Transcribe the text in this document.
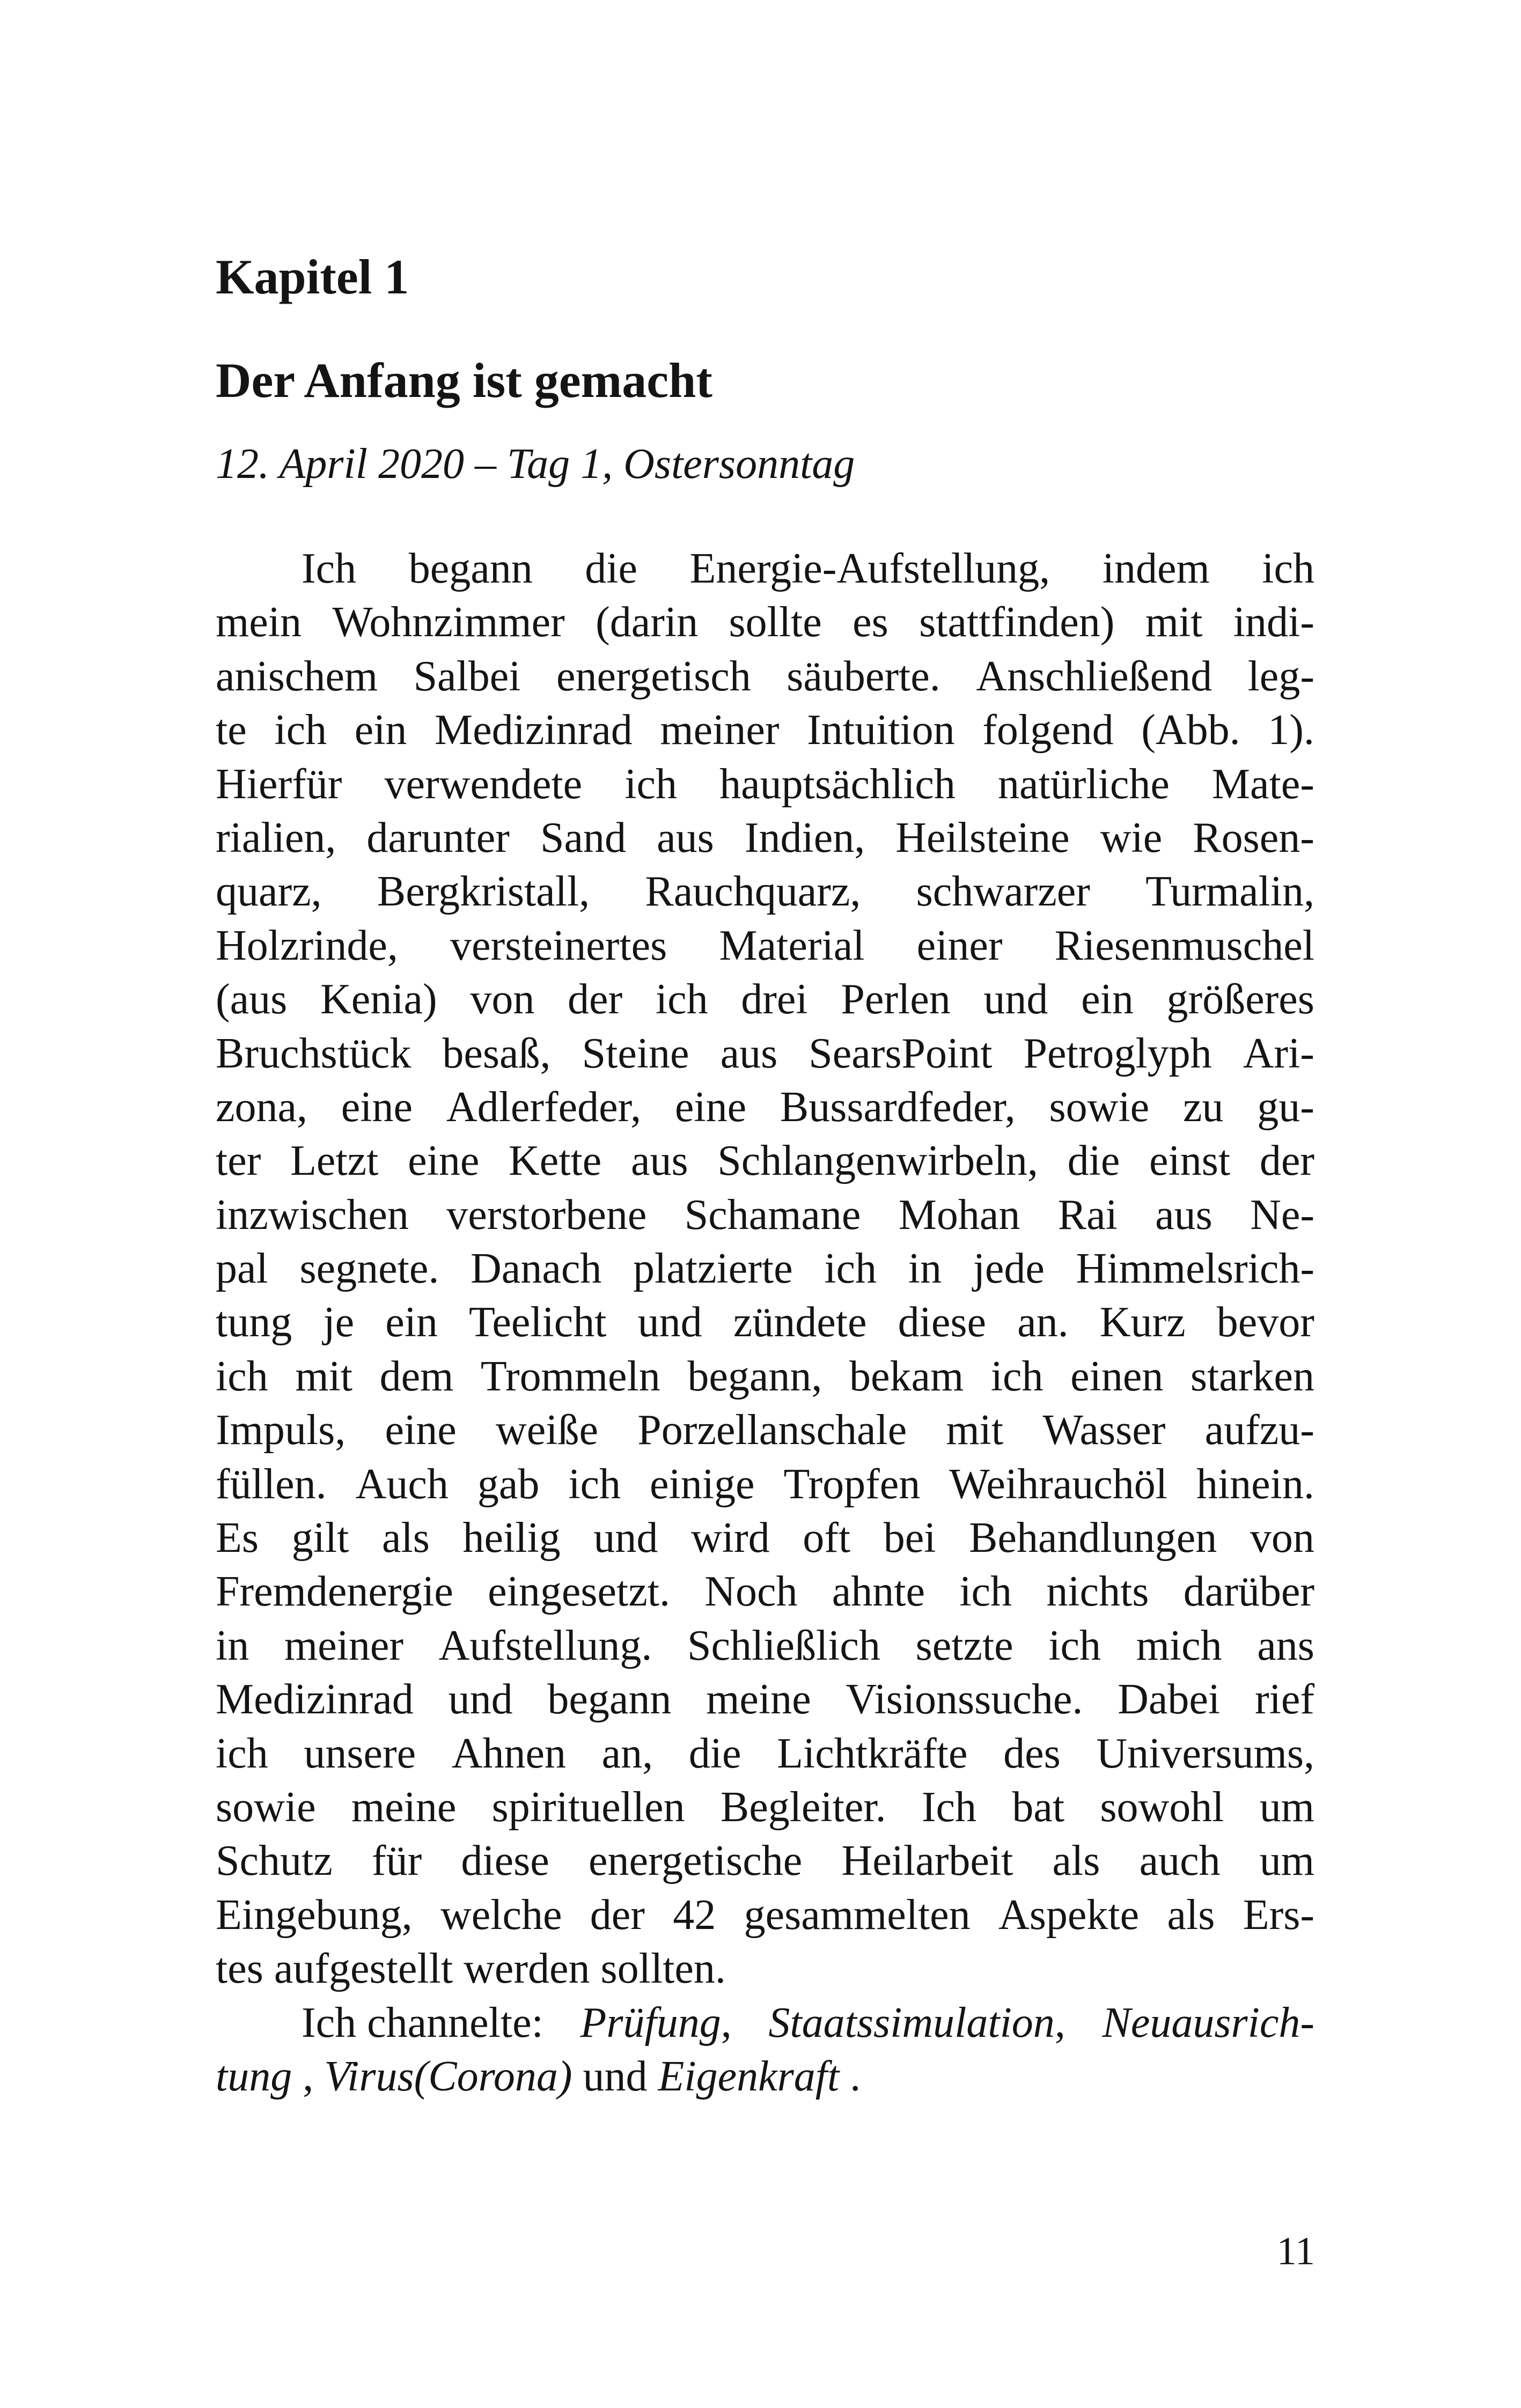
Kapitel 1
Der Anfang ist gemacht

12. April 2020 – Tag 1, Ostersonntag

Ich begann die Energie-Aufstellung, indem ich
mein Wohnzimmer (darin sollte es stattfinden) mit indi-
anischem Salbei energetisch säuberte. Anschließend leg-
te ich ein Medizinrad meiner Intuition folgend (Abb. 1).
Hierfür verwendete ich hauptsächlich natürliche Mate-
rialien, darunter Sand aus Indien, Heilsteine wie Rosen-
quarz, Bergkristall, Rauchquarz, schwarzer Turmalin,
Holzrinde, versteinertes Material einer Riesenmuschel
(aus Kenia) von der ich drei Perlen und ein größeres
Bruchstück besaß, Steine aus SearsPoint Petroglyph Ari-
zona, eine Adlerfeder, eine Bussardfeder, sowie zu gu-
ter Letzt eine Kette aus Schlangenwirbeln, die einst der
inzwischen verstorbene Schamane Mohan Rai aus Ne-
pal segnete. Danach platzierte ich in jede Himmelsrich-
tung je ein Teelicht und zündete diese an. Kurz bevor
ich mit dem Trommeln begann, bekam ich einen starken
Impuls, eine weiße Porzellanschale mit Wasser aufzu-
füllen. Auch gab ich einige Tropfen Weihrauchöl hinein.
Es gilt als heilig und wird oft bei Behandlungen von
Fremdenergie eingesetzt. Noch ahnte ich nichts darüber
in meiner Aufstellung. Schließlich setzte ich mich ans
Medizinrad und begann meine Visionssuche. Dabei rief
ich unsere Ahnen an, die Lichtkräfte des Universums,
sowie meine spirituellen Begleiter. Ich bat sowohl um
Schutz für diese energetische Heilarbeit als auch um
Eingebung, welche der 42 gesammelten Aspekte als Ers-
tes aufgestellt werden sollten.
Ich channelte: Prüfung, Staatssimulation, Neuausrich-
tung , Virus(Corona) und Eigenkraft .
11
